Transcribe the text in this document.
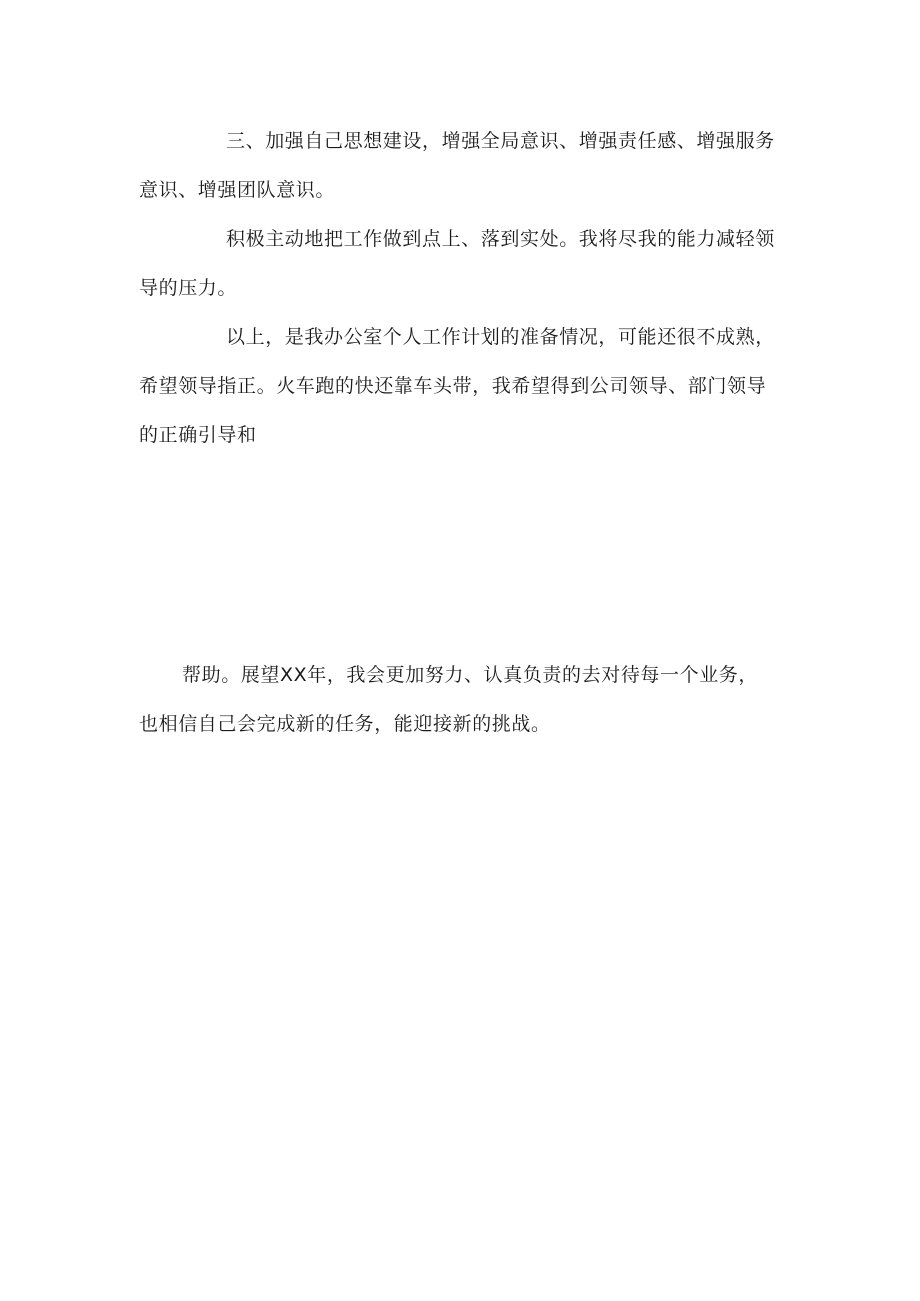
三、加强自己思想建设，增强全局意识、增强责任感、增强服务
意识、增强团队意识。
积极主动地把工作做到点上、落到实处。我将尽我的能力减轻领
导的压力。
以上，是我办公室个人工作计划的准备情况，可能还很不成熟，
希望领导指正。火车跑的快还靠车头带，我希望得到公司领导、部门领导
的正确引导和
帮助。展望XX年，我会更加努力、认真负责的去对待每一个业务，
也相信自己会完成新的任务，能迎接新的挑战。
